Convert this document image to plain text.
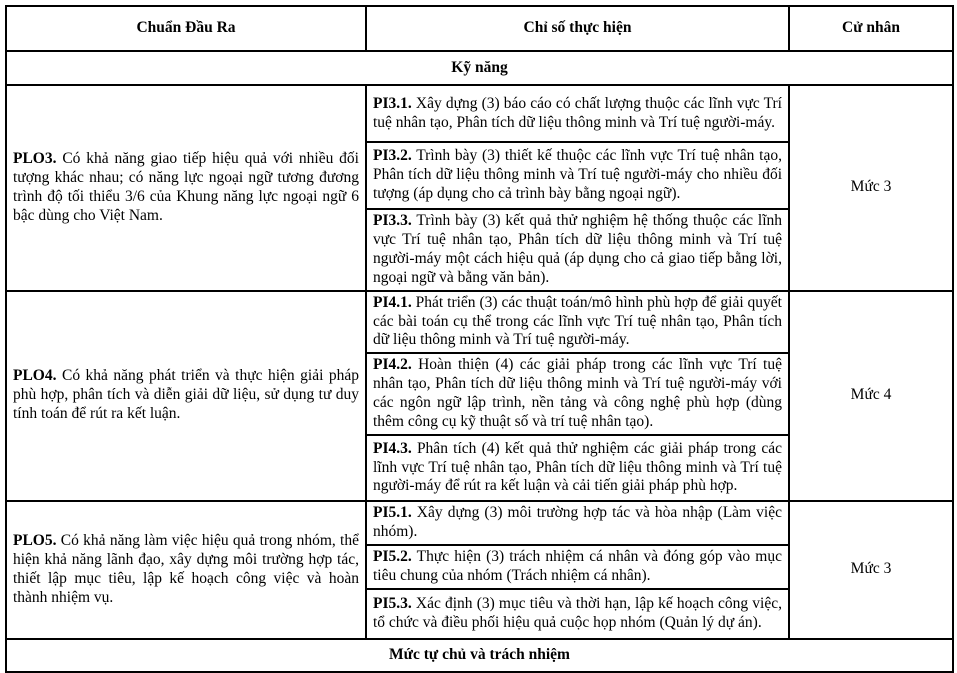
Chuẩn Đầu Ra	Chỉ số thực hiện	Cử nhân
Kỹ năng		
PLO3. Có khả năng giao tiếp hiệu quả với nhiều đối tượng khác nhau; có năng lực ngoại ngữ tương đương trình độ tối thiểu 3/6 của Khung năng lực ngoại ngữ 6 bậc dùng cho Việt Nam.	PI3.1. Xây dựng (3) báo cáo có chất lượng thuộc các lĩnh vực Trí tuệ nhân tạo, Phân tích dữ liệu thông minh và Trí tuệ người-máy.	Mức 3
	PI3.2. Trình bày (3) thiết kế thuộc các lĩnh vực Trí tuệ nhân tạo, Phân tích dữ liệu thông minh và Trí tuệ người-máy cho nhiều đối tượng (áp dụng cho cả trình bày bằng ngoại ngữ).	
	PI3.3. Trình bày (3) kết quả thử nghiệm hệ thống thuộc các lĩnh vực Trí tuệ nhân tạo, Phân tích dữ liệu thông minh và Trí tuệ người-máy một cách hiệu quả (áp dụng cho cả giao tiếp bằng lời, ngoại ngữ và bằng văn bản).	
PLO4. Có khả năng phát triển và thực hiện giải pháp phù hợp, phân tích và diễn giải dữ liệu, sử dụng tư duy tính toán để rút ra kết luận.	PI4.1. Phát triển (3) các thuật toán/mô hình phù hợp để giải quyết các bài toán cụ thể trong các lĩnh vực Trí tuệ nhân tạo, Phân tích dữ liệu thông minh và Trí tuệ người-máy.	Mức 4
	PI4.2. Hoàn thiện (4) các giải pháp trong các lĩnh vực Trí tuệ nhân tạo, Phân tích dữ liệu thông minh và Trí tuệ người-máy với các ngôn ngữ lập trình, nền tảng và công nghệ phù hợp (dùng thêm công cụ kỹ thuật số và trí tuệ nhân tạo).	
	PI4.3. Phân tích (4) kết quả thử nghiệm các giải pháp trong các lĩnh vực Trí tuệ nhân tạo, Phân tích dữ liệu thông minh và Trí tuệ người-máy để rút ra kết luận và cải tiến giải pháp phù hợp.	
PLO5. Có khả năng làm việc hiệu quả trong nhóm, thể hiện khả năng lãnh đạo, xây dựng môi trường hợp tác, thiết lập mục tiêu, lập kế hoạch công việc và hoàn thành nhiệm vụ.	PI5.1. Xây dựng (3) môi trường hợp tác và hòa nhập (Làm việc nhóm).	Mức 3
	PI5.2. Thực hiện (3) trách nhiệm cá nhân và đóng góp vào mục tiêu chung của nhóm (Trách nhiệm cá nhân).	
	PI5.3. Xác định (3) mục tiêu và thời hạn, lập kế hoạch công việc, tổ chức và điều phối hiệu quả cuộc họp nhóm (Quản lý dự án).	
Mức tự chủ và trách nhiệm		
